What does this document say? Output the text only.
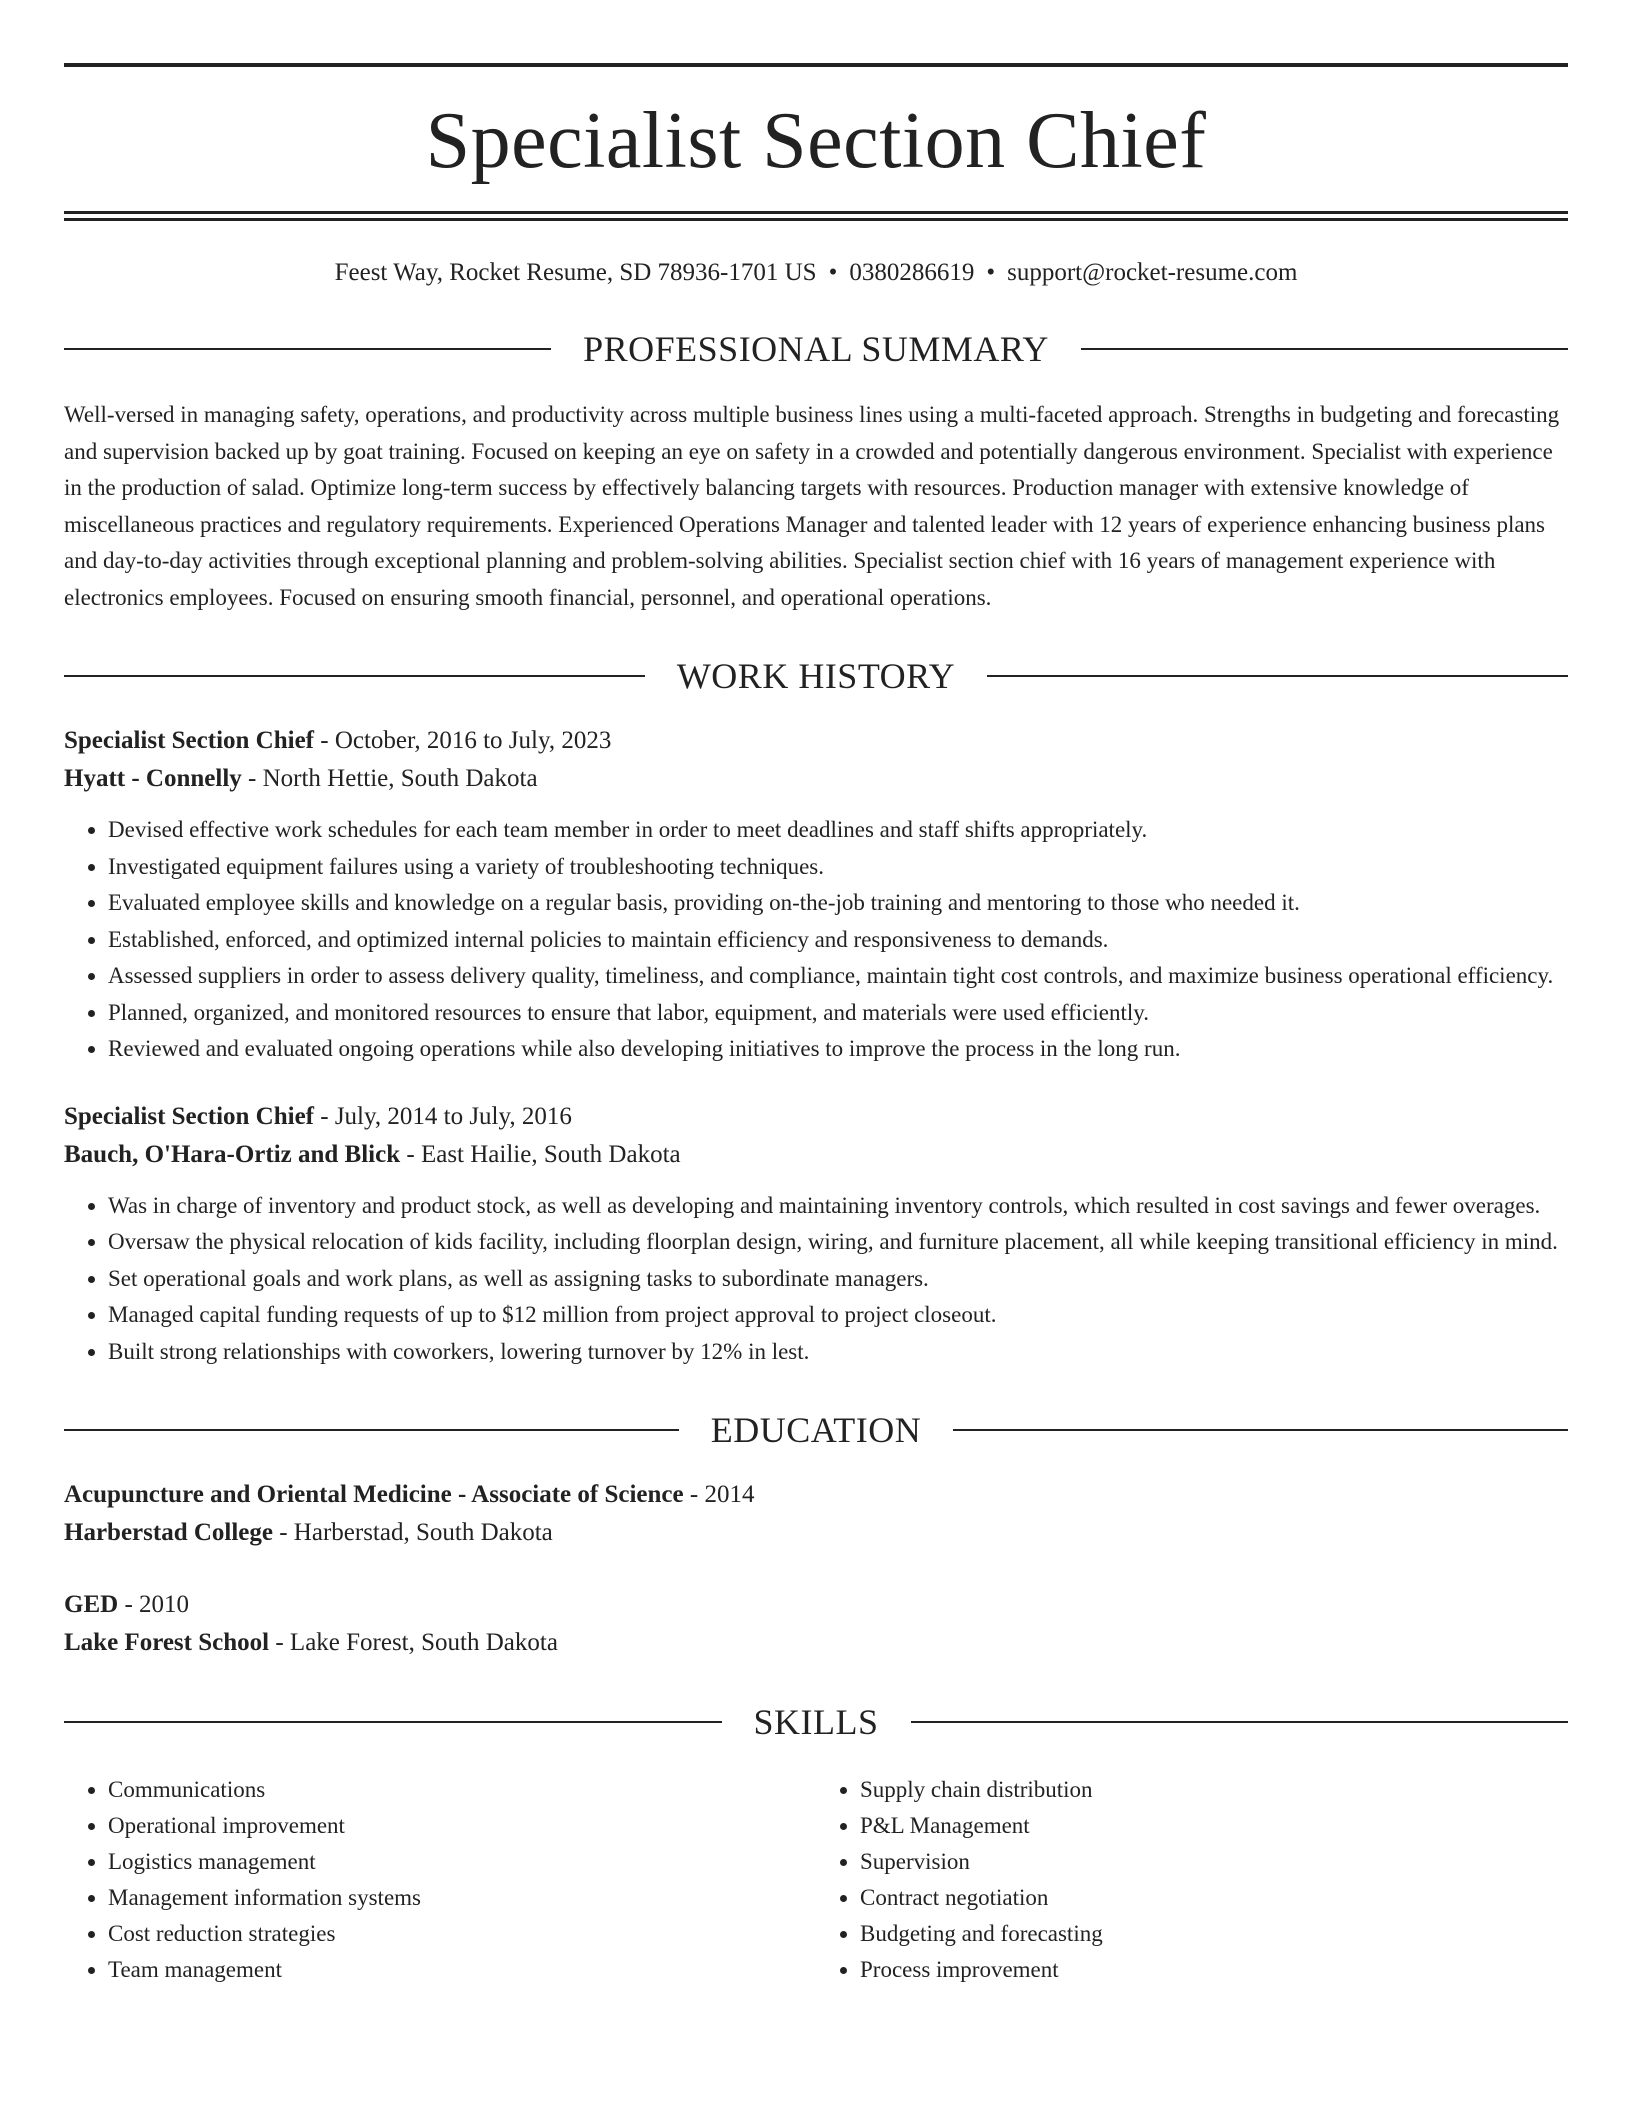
Specialist Section Chief
Feest Way, Rocket Resume, SD 78936-1701 US • 0380286619 • support@rocket-resume.com
PROFESSIONAL SUMMARY
Well-versed in managing safety, operations, and productivity across multiple business lines using a multi-faceted approach. Strengths in budgeting and forecasting and supervision backed up by goat training. Focused on keeping an eye on safety in a crowded and potentially dangerous environment. Specialist with experience in the production of salad. Optimize long-term success by effectively balancing targets with resources. Production manager with extensive knowledge of miscellaneous practices and regulatory requirements. Experienced Operations Manager and talented leader with 12 years of experience enhancing business plans and day-to-day activities through exceptional planning and problem-solving abilities. Specialist section chief with 16 years of management experience with electronics employees. Focused on ensuring smooth financial, personnel, and operational operations.
WORK HISTORY
Specialist Section Chief - October, 2016 to July, 2023
Hyatt - Connelly - North Hettie, South Dakota
• Devised effective work schedules for each team member in order to meet deadlines and staff shifts appropriately.
• Investigated equipment failures using a variety of troubleshooting techniques.
• Evaluated employee skills and knowledge on a regular basis, providing on-the-job training and mentoring to those who needed it.
• Established, enforced, and optimized internal policies to maintain efficiency and responsiveness to demands.
• Assessed suppliers in order to assess delivery quality, timeliness, and compliance, maintain tight cost controls, and maximize business operational efficiency.
• Planned, organized, and monitored resources to ensure that labor, equipment, and materials were used efficiently.
• Reviewed and evaluated ongoing operations while also developing initiatives to improve the process in the long run.
Specialist Section Chief - July, 2014 to July, 2016
Bauch, O'Hara-Ortiz and Blick - East Hailie, South Dakota
• Was in charge of inventory and product stock, as well as developing and maintaining inventory controls, which resulted in cost savings and fewer overages.
• Oversaw the physical relocation of kids facility, including floorplan design, wiring, and furniture placement, all while keeping transitional efficiency in mind.
• Set operational goals and work plans, as well as assigning tasks to subordinate managers.
• Managed capital funding requests of up to $12 million from project approval to project closeout.
• Built strong relationships with coworkers, lowering turnover by 12% in lest.
EDUCATION
Acupuncture and Oriental Medicine - Associate of Science - 2014
Harberstad College - Harberstad, South Dakota
GED - 2010
Lake Forest School - Lake Forest, South Dakota
SKILLS
• Communications
• Operational improvement
• Logistics management
• Management information systems
• Cost reduction strategies
• Team management
• Supply chain distribution
• P&L Management
• Supervision
• Contract negotiation
• Budgeting and forecasting
• Process improvement
